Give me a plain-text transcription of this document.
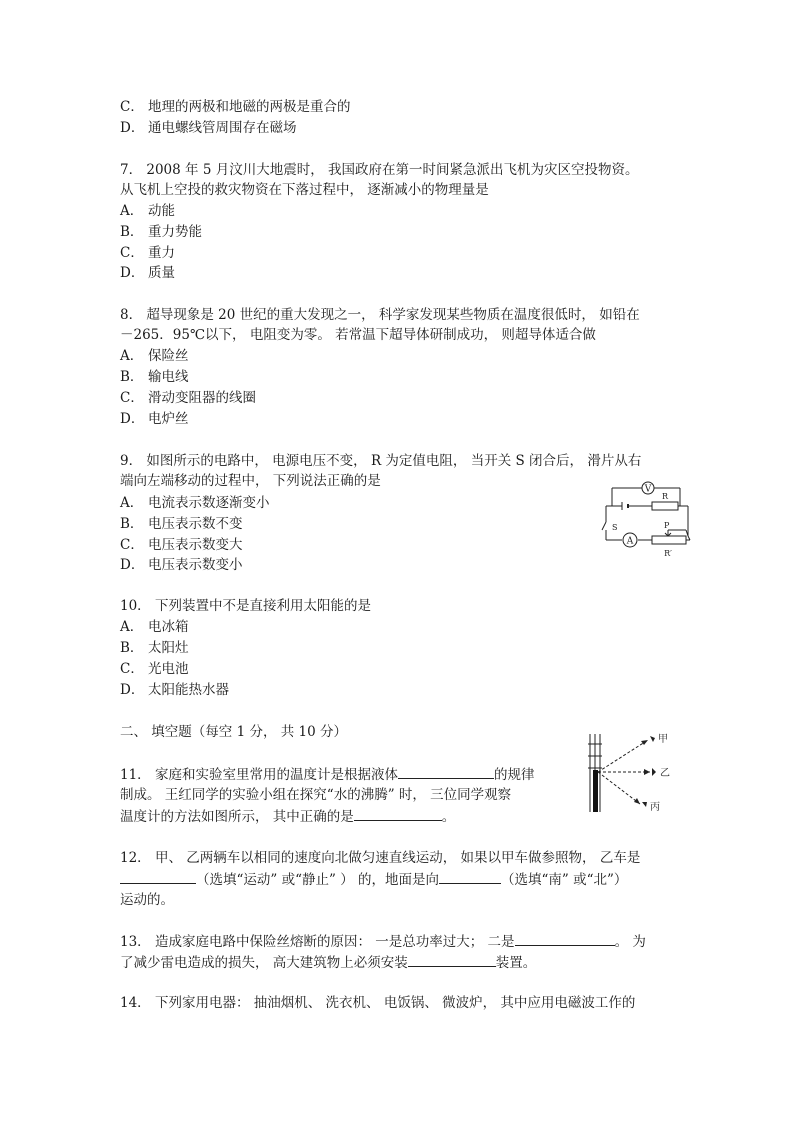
C． 地理的两极和地磁的两极是重合的
D． 通电螺线管周围存在磁场
7． 2008 年 5 月汶川大地震时， 我国政府在第一时间紧急派出飞机为灾区空投物资。
从飞机上空投的救灾物资在下落过程中， 逐渐减小的物理量是
A． 动能
B． 重力势能
C． 重力
D． 质量
8． 超导现象是 20 世纪的重大发现之一， 科学家发现某些物质在温度很低时， 如铅在
－265．95℃以下， 电阻变为零。 若常温下超导体研制成功， 则超导体适合做
A． 保险丝
B． 输电线
C． 滑动变阻器的线圈
D． 电炉丝
9． 如图所示的电路中， 电源电压不变， R 为定值电阻， 当开关 S 闭合后， 滑片从右
端向左端移动的过程中， 下列说法正确的是
A． 电流表示数逐渐变小
B． 电压表示数不变
C． 电压表示数变大
D． 电压表示数变小
V
R
S
A
P
R′
10． 下列装置中不是直接利用太阳能的是
A． 电冰箱
B． 太阳灶
C． 光电池
D． 太阳能热水器
二、 填空题（每空 1 分， 共 10 分）
11． 家庭和实验室里常用的温度计是根据液体	的规律
制成。 王红同学的实验小组在探究“水的沸腾” 时， 三位同学观察
温度计的方法如图所示， 其中正确的是	。
甲
乙
丙
12． 甲、 乙两辆车以相同的速度向北做匀速直线运动， 如果以甲车做参照物， 乙车是
（选填“运动” 或“静止” ） 的，地面是向	（选填“南” 或“北”）
运动的。
13． 造成家庭电路中保险丝熔断的原因： 一是总功率过大； 二是	。 为
了减少雷电造成的损失， 高大建筑物上必须安装	装置。
14． 下列家用电器： 抽油烟机、 洗衣机、 电饭锅、 微波炉， 其中应用电磁波工作的
